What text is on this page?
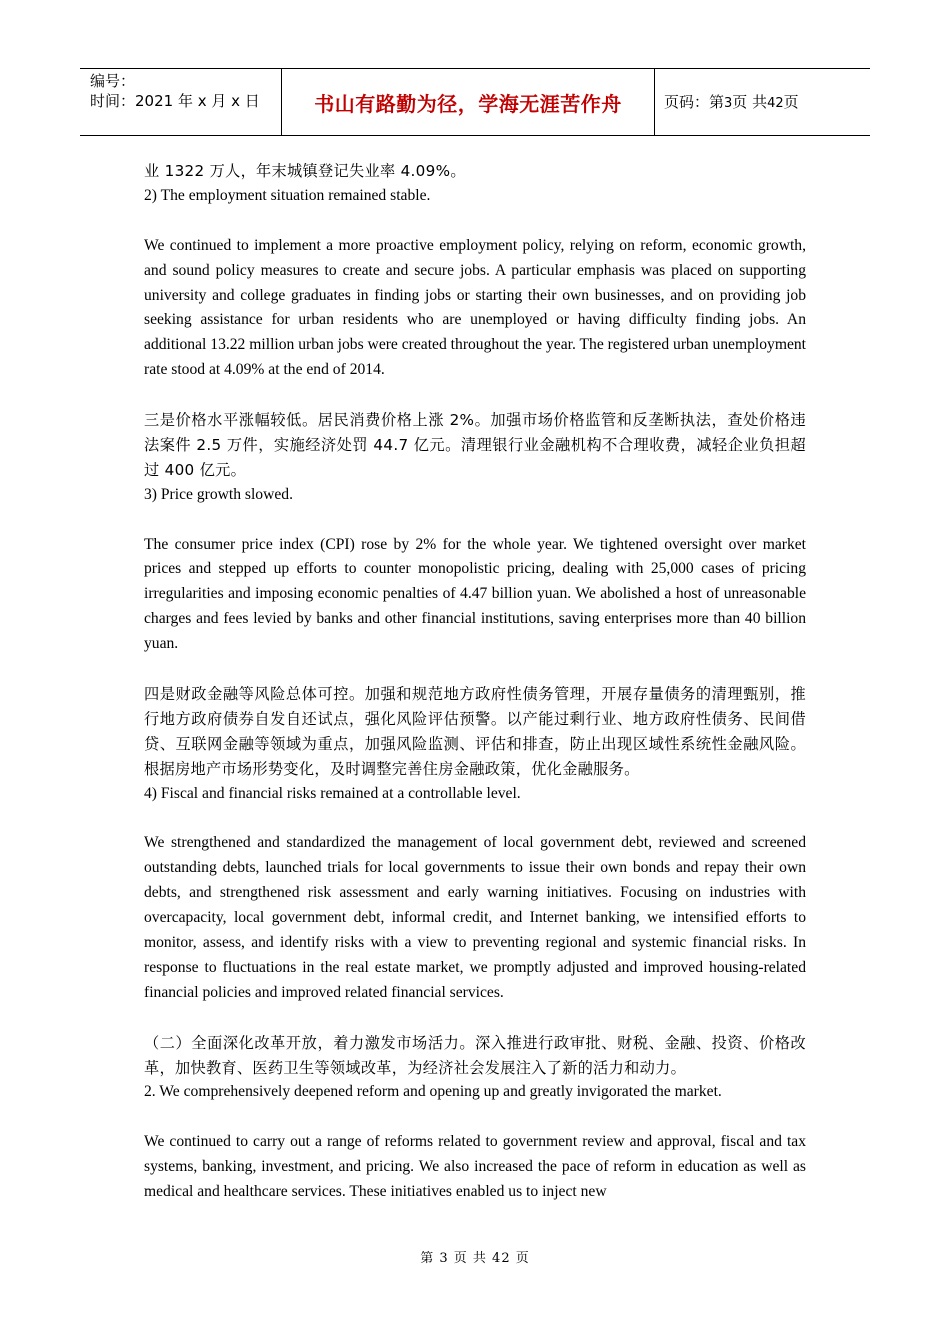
编号：
时间：2021 年 x 月 x 日	书山有路勤为径，学海无涯苦作舟	页码：第3页 共42页

业 1322 万人，年末城镇登记失业率 4.09%。

2) The employment situation remained stable.

We continued to implement a more proactive employment policy, relying on reform, economic growth, and sound policy measures to create and secure jobs. A particular emphasis was placed on supporting university and college graduates in finding jobs or starting their own businesses, and on providing job seeking assistance for urban residents who are unemployed or having difficulty finding jobs. An additional 13.22 million urban jobs were created throughout the year. The registered urban unemployment rate stood at 4.09% at the end of 2014.

三是价格水平涨幅较低。居民消费价格上涨 2%。加强市场价格监管和反垄断执法，查处价格违法案件 2.5 万件，实施经济处罚 44.7 亿元。清理银行业金融机构不合理收费，减轻企业负担超过 400 亿元。

3) Price growth slowed.

The consumer price index (CPI) rose by 2% for the whole year. We tightened oversight over market prices and stepped up efforts to counter monopolistic pricing, dealing with 25,000 cases of pricing irregularities and imposing economic penalties of 4.47 billion yuan. We abolished a host of unreasonable charges and fees levied by banks and other financial institutions, saving enterprises more than 40 billion yuan.

四是财政金融等风险总体可控。加强和规范地方政府性债务管理，开展存量债务的清理甄别，推行地方政府债券自发自还试点，强化风险评估预警。以产能过剩行业、地方政府性债务、民间借贷、互联网金融等领域为重点，加强风险监测、评估和排查，防止出现区域性系统性金融风险。根据房地产市场形势变化，及时调整完善住房金融政策，优化金融服务。

4) Fiscal and financial risks remained at a controllable level.

We strengthened and standardized the management of local government debt, reviewed and screened outstanding debts, launched trials for local governments to issue their own bonds and repay their own debts, and strengthened risk assessment and early warning initiatives. Focusing on industries with overcapacity, local government debt, informal credit, and Internet banking, we intensified efforts to monitor, assess, and identify risks with a view to preventing regional and systemic financial risks. In response to fluctuations in the real estate market, we promptly adjusted and improved housing-related financial policies and improved related financial services.

（二）全面深化改革开放，着力激发市场活力。深入推进行政审批、财税、金融、投资、价格改革，加快教育、医药卫生等领域改革，为经济社会发展注入了新的活力和动力。

2. We comprehensively deepened reform and opening up and greatly invigorated the market.

We continued to carry out a range of reforms related to government review and approval, fiscal and tax systems, banking, investment, and pricing. We also increased the pace of reform in education as well as medical and healthcare services. These initiatives enabled us to inject new

第 3 页 共 42 页
